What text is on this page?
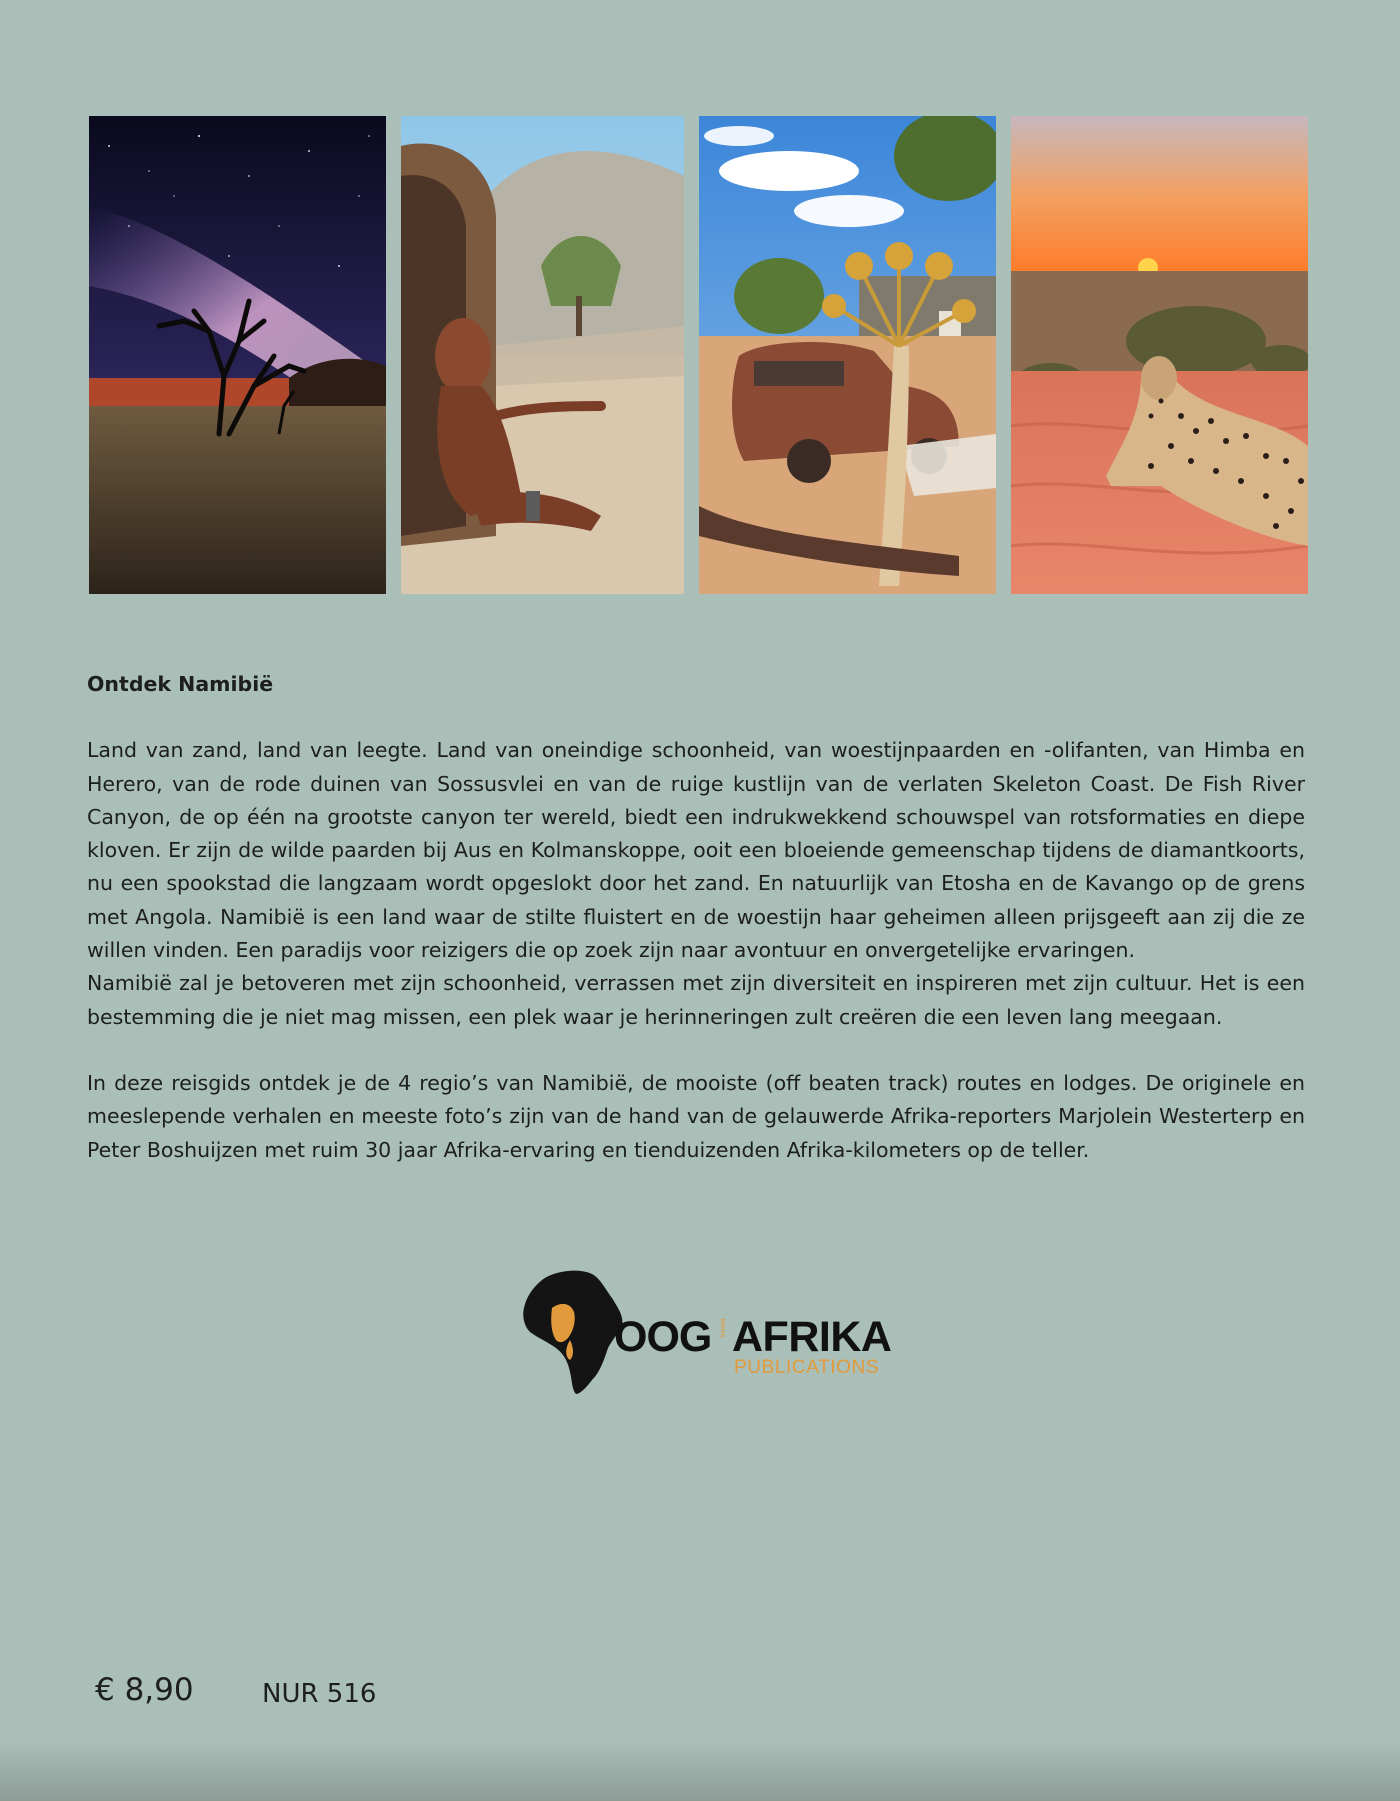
Ontdek Namibië

Land van zand, land van leegte. Land van oneindige schoonheid, van woestijnpaarden en -olifanten, van Himba en Herero, van de rode duinen van Sossusvlei en van de ruige kustlijn van de verlaten Skeleton Coast. De Fish River Canyon, de op één na grootste canyon ter wereld, biedt een indrukwekkend schouwspel van rotsformaties en diepe kloven. Er zijn de wilde paarden bij Aus en Kolmanskoppe, ooit een bloeiende gemeenschap tijdens de diamantkoorts, nu een spookstad die langzaam wordt opgeslokt door het zand. En natuurlijk van Etosha en de Kavango op de grens met Angola. Namibië is een land waar de stilte fluistert en de woestijn haar geheimen alleen prijsgeeft aan zij die ze willen vinden. Een paradijs voor reizigers die op zoek zijn naar avontuur en onvergetelijke ervaringen.

Namibië zal je betoveren met zijn schoonheid, verrassen met zijn diversiteit en inspireren met zijn cultuur. Het is een bestemming die je niet mag missen, een plek waar je herinneringen zult creëren die een leven lang meegaan.

In deze reisgids ontdek je de 4 regio’s van Namibië, de mooiste (off beaten track) routes en lodges. De originele en meeslepende verhalen en meeste foto’s zijn van de hand van de gelauwerde Afrika-reporters Marjolein Westerterp en Peter Boshuijzen met ruim 30 jaar Afrika-ervaring en tienduizenden Afrika-kilometers op de teller.

OOG VOOR AFRIKA
PUBLICATIONS
€ 8,90	NUR 516
